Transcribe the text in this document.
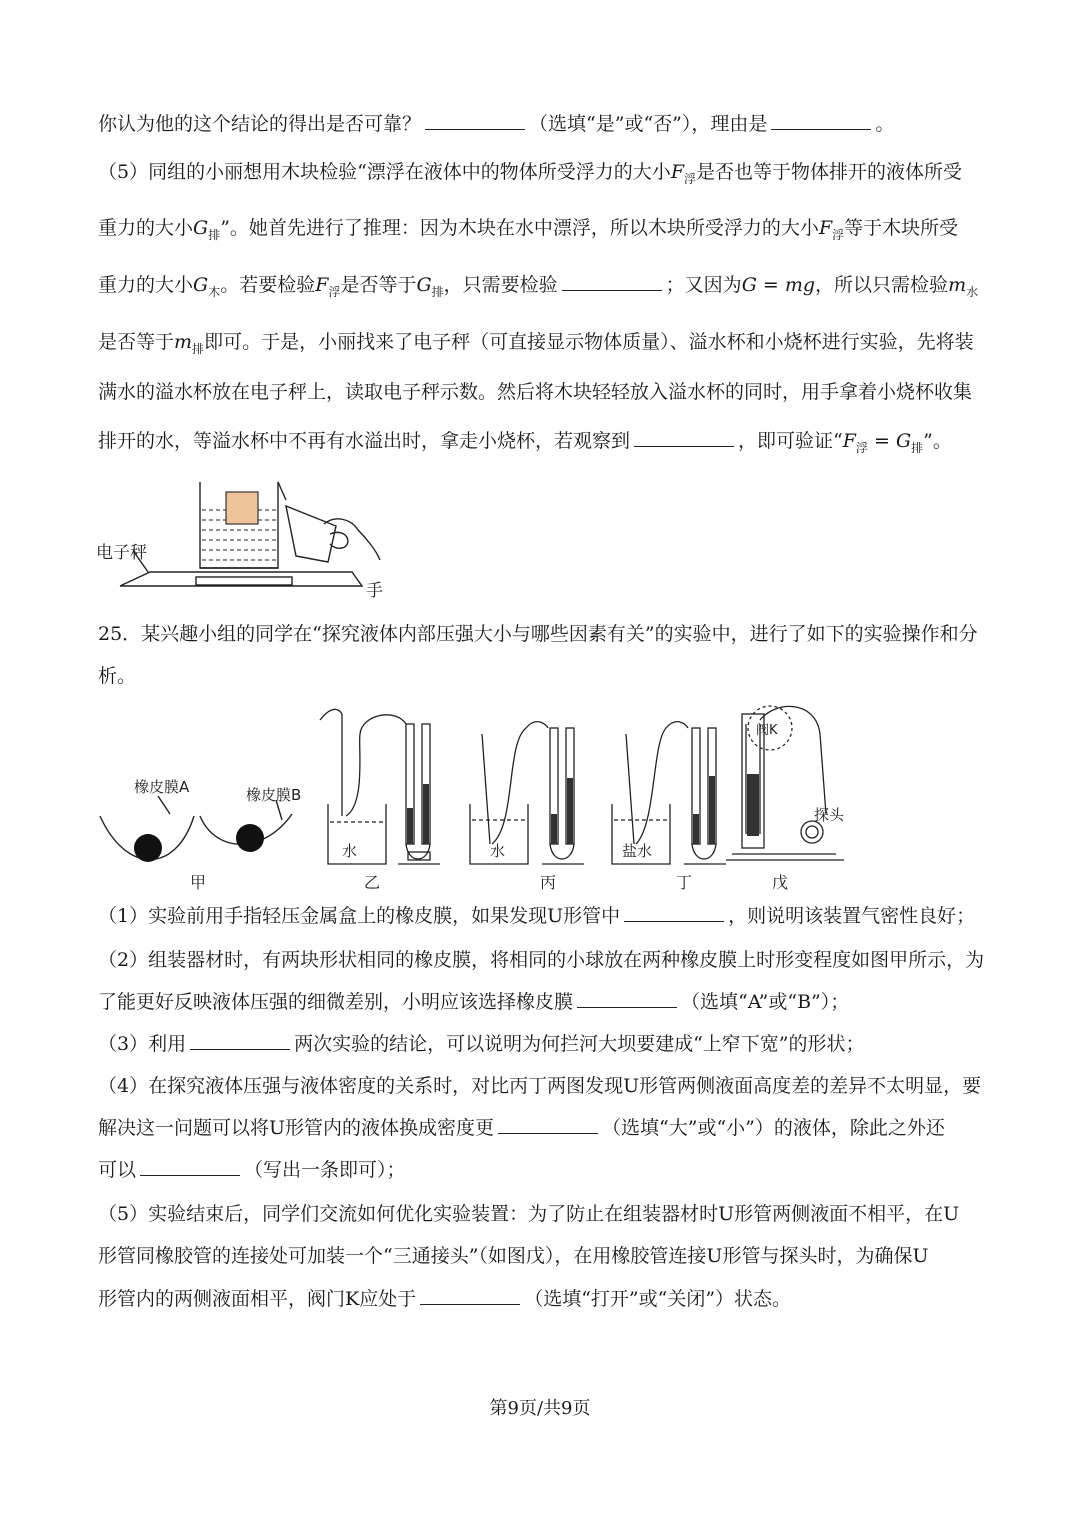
你认为他的这个结论的得出是否可靠？	（选填“是”或“否”），理由是	。
（5）同组的小丽想用木块检验“漂浮在液体中的物体所受浮力的大小$F_浮$是否也等于物体排开的液体所受
重力的大小$G_排$”。她首先进行了推理：因为木块在水中漂浮，所以木块所受浮力的大小$F_浮$等于木块所受
重力的大小$G_木$。若要检验$F_浮$是否等于$G_排$，只需要检验	；又因为G = mg，所以只需检验$m_水$
是否等于$m_排$即可。于是，小丽找来了电子秤（可直接显示物体质量）、溢水杯和小烧杯进行实验，先将装
满水的溢水杯放在电子秤上，读取电子秤示数。然后将木块轻轻放入溢水杯的同时，用手拿着小烧杯收集
排开的水，等溢水杯中不再有水溢出时，拿走小烧杯，若观察到	，即可验证“$F_浮 = G_排$”。
电子秤
手
25．某兴趣小组的同学在“探究液体内部压强大小与哪些因素有关”的实验中，进行了如下的实验操作和分
析。
橡皮膜A	橡皮膜B
甲
水
乙
水
丙
盐水
丁
阀K
探头
戊
（1）实验前用手指轻压金属盒上的橡皮膜，如果发现U形管中	，则说明该装置气密性良好；
（2）组装器材时，有两块形状相同的橡皮膜，将相同的小球放在两种橡皮膜上时形变程度如图甲所示，为
了能更好反映液体压强的细微差别，小明应该选择橡皮膜	（选填“A”或“B”）；
（3）利用	两次实验的结论，可以说明为何拦河大坝要建成“上窄下宽”的形状；
（4）在探究液体压强与液体密度的关系时，对比丙丁两图发现U形管两侧液面高度差的差异不太明显，要
解决这一问题可以将U形管内的液体换成密度更	（选填“大”或“小”）的液体，除此之外还
可以	（写出一条即可）；
（5）实验结束后，同学们交流如何优化实验装置：为了防止在组装器材时U形管两侧液面不相平，在U
形管同橡胶管的连接处可加装一个“三通接头”（如图戊），在用橡胶管连接U形管与探头时，为确保U
形管内的两侧液面相平，阀门K应处于	（选填“打开”或“关闭”）状态。
第9页/共9页
